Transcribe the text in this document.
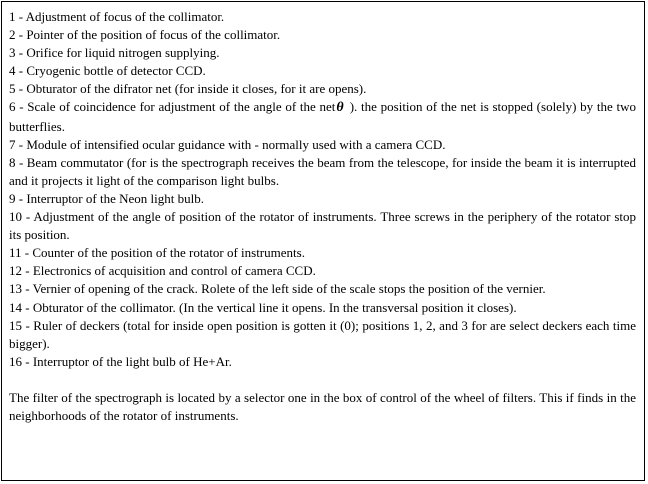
1 - Adjustment of focus of the collimator.

2 - Pointer of the position of focus of the collimator.

3 - Orifice for liquid nitrogen supplying.

4 - Cryogenic bottle of detector CCD.

5 - Obturator of the difrator net (for inside it closes, for it are opens).

6 - Scale of coincidence for adjustment of the angle of the netθ ). the position of the net is stopped (solely) by the two butterflies.

7 - Module of intensified ocular guidance with - normally used with a camera CCD.

8 - Beam commutator (for is the spectrograph receives the beam from the telescope, for inside the beam it is interrupted and it projects it light of the comparison light bulbs.

9 - Interruptor of the Neon light bulb.

10 - Adjustment of the angle of position of the rotator of instruments. Three screws in the periphery of the rotator stop its position.

11 - Counter of the position of the rotator of instruments.

12 - Electronics of acquisition and control of camera CCD.

13 - Vernier of opening of the crack. Rolete of the left side of the scale stops the position of the vernier.

14 - Obturator of the collimator. (In the vertical line it opens. In the transversal position it closes).

15 - Ruler of deckers (total for inside open position is gotten it (0); positions 1, 2, and 3 for are select deckers each time bigger).

16 - Interruptor of the light bulb of He+Ar.

The filter of the spectrograph is located by a selector one in the box of control of the wheel of filters. This if finds in the neighborhoods of the rotator of instruments.
